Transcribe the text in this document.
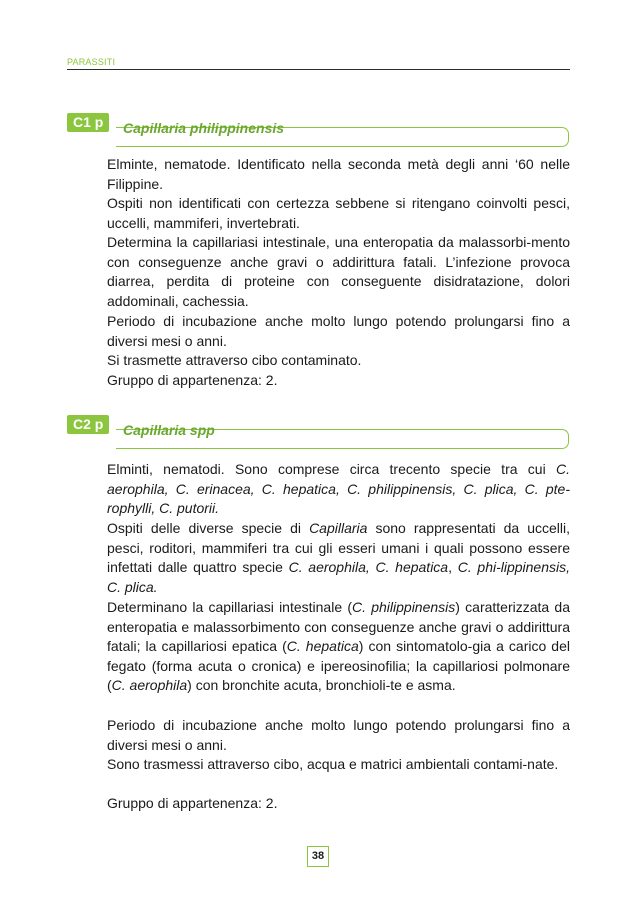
PARASSITI
C1 p	Capillaria philippinensis

Elminte, nematode. Identificato nella seconda metà degli anni ‘60 nelle Filippine.

Ospiti non identificati con certezza sebbene si ritengano coinvolti pesci, uccelli, mammiferi, invertebrati.

Determina la capillariasi intestinale, una enteropatia da malassorbi-mento con conseguenze anche gravi o addirittura fatali. L’infezione provoca diarrea, perdita di proteine con conseguente disidratazione, dolori addominali, cachessia.

Periodo di incubazione anche molto lungo potendo prolungarsi fino a diversi mesi o anni.

Si trasmette attraverso cibo contaminato.

Gruppo di appartenenza: 2.

C2 p	Capillaria spp

Elminti, nematodi. Sono comprese circa trecento specie tra cui C. aerophila, C. erinacea, C. hepatica, C. philippinensis, C. plica, C. pte-rophylli, C. putorii.

Ospiti delle diverse specie di Capillaria sono rappresentati da uccelli, pesci, roditori, mammiferi tra cui gli esseri umani i quali possono essere infettati dalle quattro specie C. aerophila, C. hepatica, C. phi-lippinensis, C. plica.

Determinano la capillariasi intestinale (C. philippinensis) caratterizzata da enteropatia e malassorbimento con conseguenze anche gravi o addirittura fatali; la capillariosi epatica (C. hepatica) con sintomatolo-gia a carico del fegato (forma acuta o cronica) e ipereosinofilia; la capillariosi polmonare (C. aerophila) con bronchite acuta, bronchioli-te e asma.

Periodo di incubazione anche molto lungo potendo prolungarsi fino a diversi mesi o anni.

Sono trasmessi attraverso cibo, acqua e matrici ambientali contami-nate.

Gruppo di appartenenza: 2.

38
